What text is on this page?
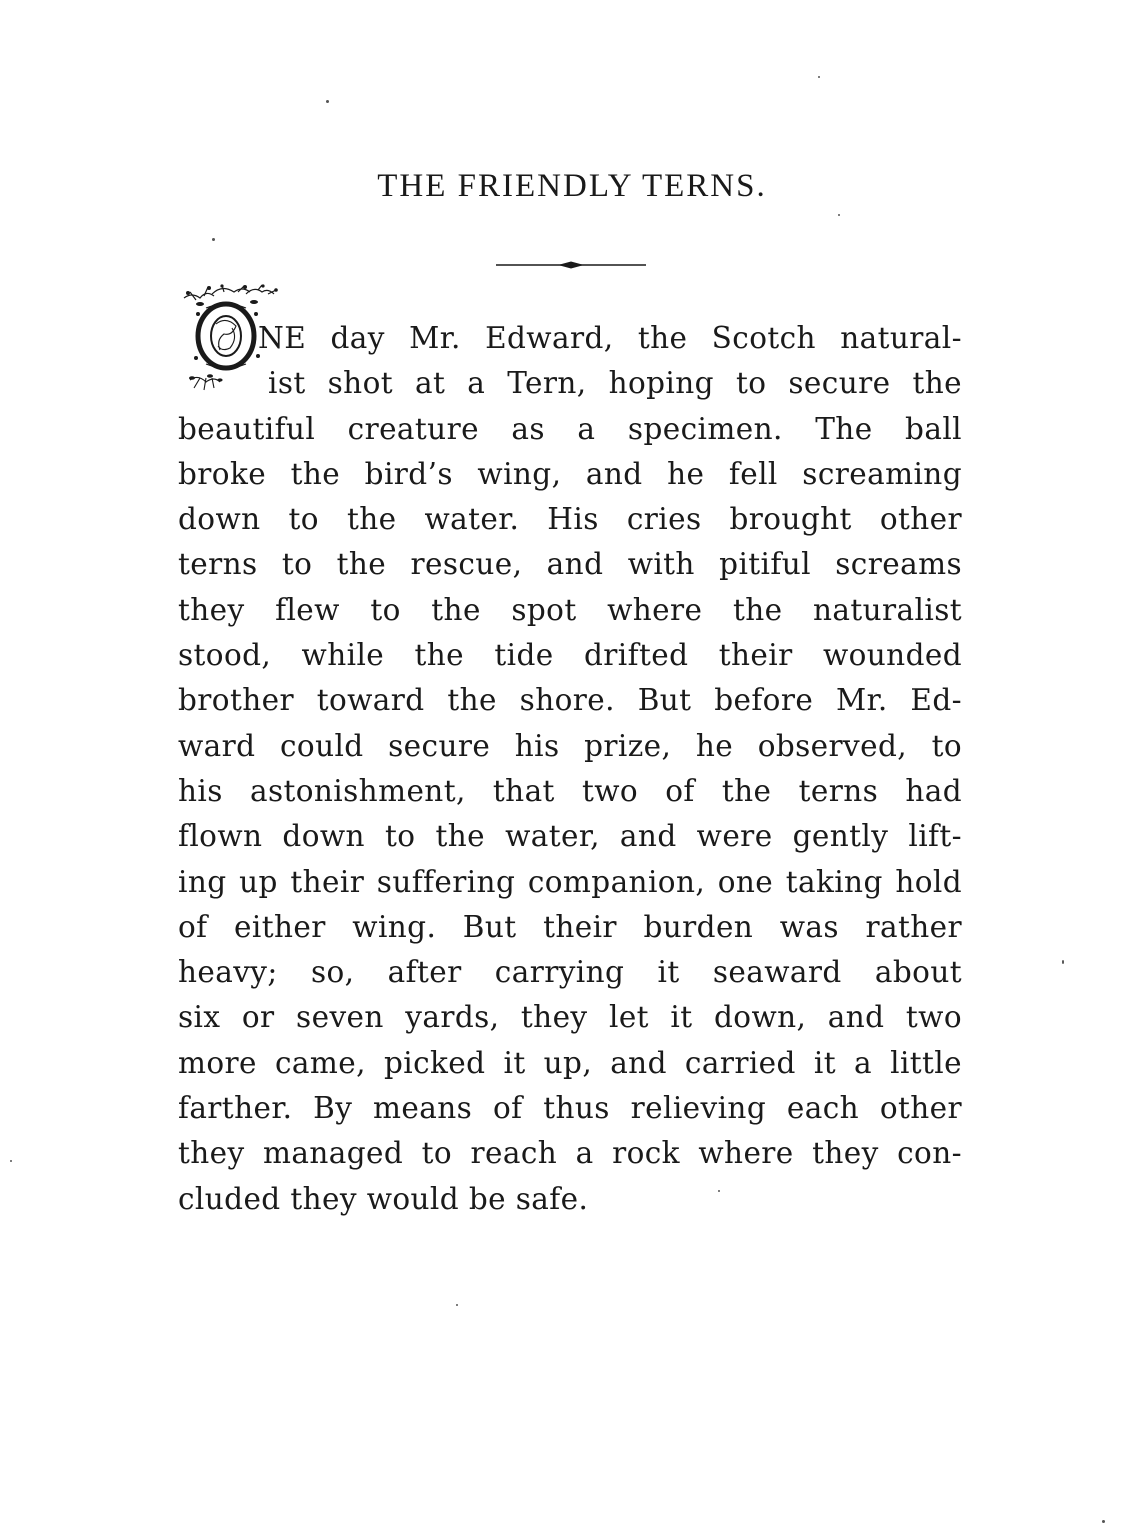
THE FRIENDLY TERNS.
NE day Mr. Edward, the Scotch natural-
ist shot at a Tern, hoping to secure the
beautiful creature as a specimen. The ball
broke the bird’s wing, and he fell screaming
down to the water. His cries brought other
terns to the rescue, and with pitiful screams
they flew to the spot where the naturalist
stood, while the tide drifted their wounded
brother toward the shore. But before Mr. Ed-
ward could secure his prize, he observed, to
his astonishment, that two of the terns had
flown down to the water, and were gently lift-
ing up their suffering companion, one taking hold
of either wing. But their burden was rather
heavy; so, after carrying it seaward about
six or seven yards, they let it down, and two
more came, picked it up, and carried it a little
farther. By means of thus relieving each other
they managed to reach a rock where they con-
cluded they would be safe.
